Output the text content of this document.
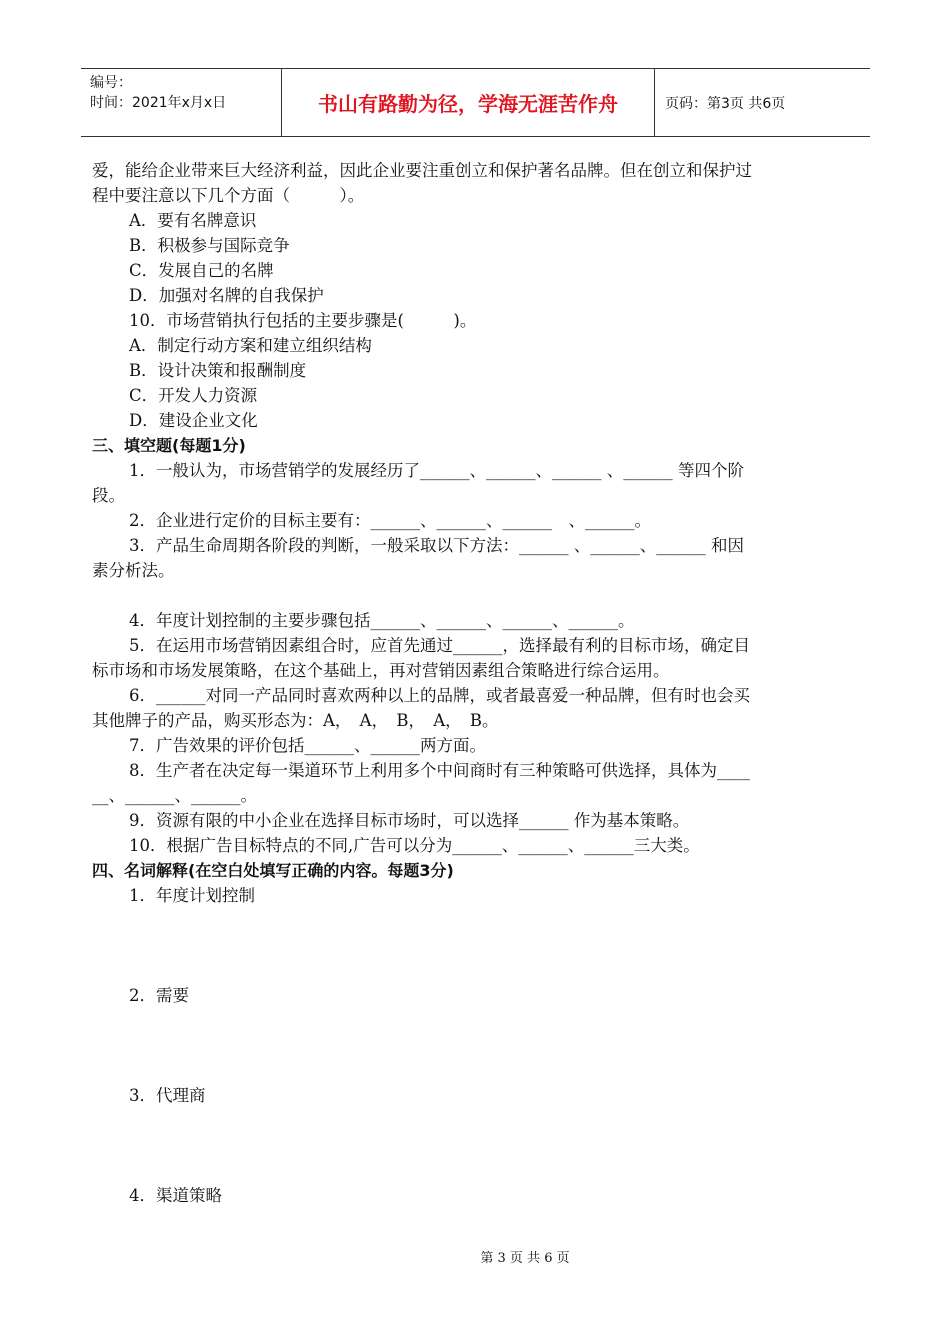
编号：
时间：2021年x月x日	书山有路勤为径，学海无涯苦作舟	页码：第3页 共6页
爱，能给企业带来巨大经济利益，因此企业要注重创立和保护著名品牌。但在创立和保护过
程中要注意以下几个方面（　　　）。
A．要有名牌意识
B．积极参与国际竞争
C．发展自己的名牌
D．加强对名牌的自我保护
10．市场营销执行包括的主要步骤是(　　　)。
A．制定行动方案和建立组织结构
B．设计决策和报酬制度
C．开发人力资源
D．建设企业文化
三、填空题(每题1分)
1．一般认为，市场营销学的发展经历了______、______、______ 、______ 等四个阶
段。
2．企业进行定价的目标主要有：______、______、______　、______。
3．产品生命周期各阶段的判断，一般采取以下方法：______ 、______、______ 和因
素分析法。
4．年度计划控制的主要步骤包括______、______、______、______。
5．在运用市场营销因素组合时，应首先通过______，选择最有利的目标市场，确定目
标市场和市场发展策略，在这个基础上，再对营销因素组合策略进行综合运用。
6．______对同一产品同时喜欢两种以上的品牌，或者最喜爱一种品牌，但有时也会买
其他牌子的产品，购买形态为：A，　A，　B，　A，　B。
7．广告效果的评价包括______、______两方面。
8．生产者在决定每一渠道环节上利用多个中间商时有三种策略可供选择，具体为____
__、______、______。
9．资源有限的中小企业在选择目标市场时，可以选择______ 作为基本策略。
10．根据广告目标特点的不同,广告可以分为______、______、______三大类。
四、名词解释(在空白处填写正确的内容。每题3分)
1．年度计划控制
2．需要
3．代理商
4．渠道策略
第 3 页 共 6 页
